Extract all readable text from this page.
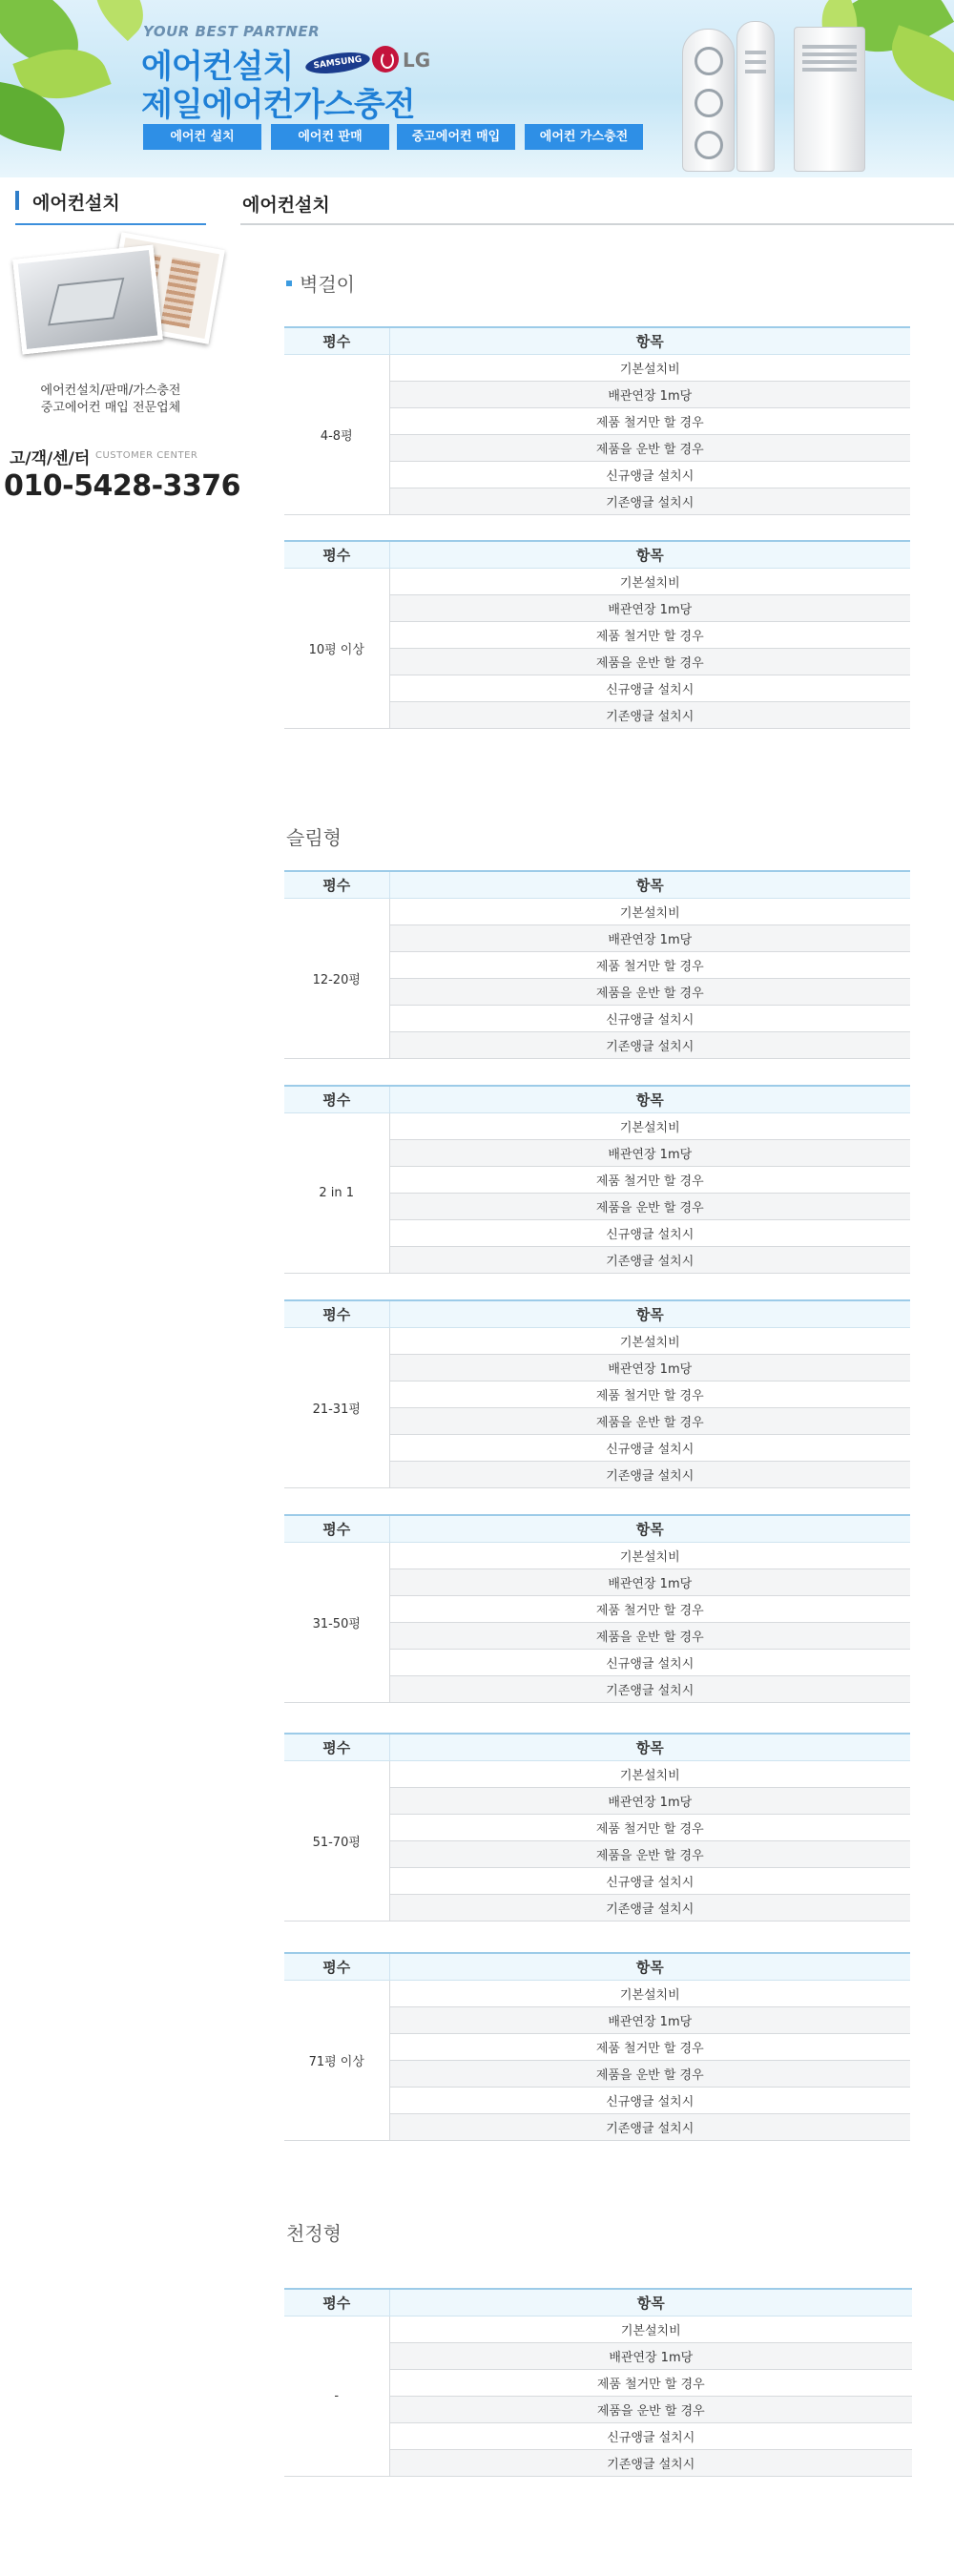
YOUR BEST PARTNER
에어컨설치	SAMSUNG	LG
제일에어컨가스충전
에어컨 설치	에어컨 판매	중고에어컨 매입	에어컨 가스충전
에어컨설치
에어컨설치/판매/가스충전
중고에어컨 매입 전문업체
고/객/센/터 CUSTOMER CENTER
010-5428-3376
에어컨설치
벽걸이
평수	항목
4-8평	기본설치비
	배관연장 1m당
	제품 철거만 할 경우
	제품을 운반 할 경우
	신규앵글 설치시
	기존앵글 설치시
평수	항목
10평 이상	기본설치비
	배관연장 1m당
	제품 철거만 할 경우
	제품을 운반 할 경우
	신규앵글 설치시
	기존앵글 설치시
슬림형
평수	항목
12-20평	기본설치비
	배관연장 1m당
	제품 철거만 할 경우
	제품을 운반 할 경우
	신규앵글 설치시
	기존앵글 설치시
평수	항목
2 in 1	기본설치비
	배관연장 1m당
	제품 철거만 할 경우
	제품을 운반 할 경우
	신규앵글 설치시
	기존앵글 설치시
평수	항목
21-31평	기본설치비
	배관연장 1m당
	제품 철거만 할 경우
	제품을 운반 할 경우
	신규앵글 설치시
	기존앵글 설치시
평수	항목
31-50평	기본설치비
	배관연장 1m당
	제품 철거만 할 경우
	제품을 운반 할 경우
	신규앵글 설치시
	기존앵글 설치시
평수	항목
51-70평	기본설치비
	배관연장 1m당
	제품 철거만 할 경우
	제품을 운반 할 경우
	신규앵글 설치시
	기존앵글 설치시
평수	항목
71평 이상	기본설치비
	배관연장 1m당
	제품 철거만 할 경우
	제품을 운반 할 경우
	신규앵글 설치시
	기존앵글 설치시
천정형
평수	항목
-	기본설치비
	배관연장 1m당
	제품 철거만 할 경우
	제품을 운반 할 경우
	신규앵글 설치시
	기존앵글 설치시
